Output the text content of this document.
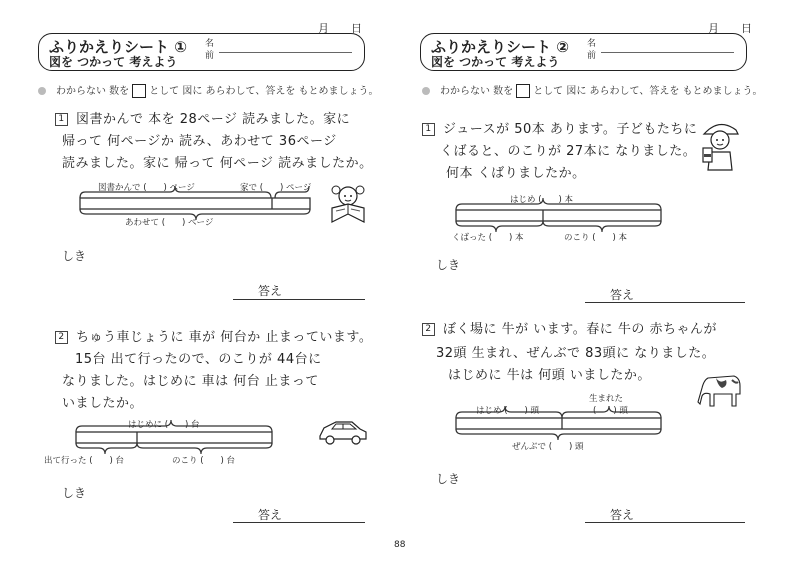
月　　日
ふりかえりシート ①
図を つかって 考えよう
名前
わからない 数を として 図に あらわして、答えを もとめましょう。
1 図書かんで 本を 28ページ 読みました。家に
帰って 何ページか 読み、あわせて 36ページ
読みました。家に 帰って 何ページ 読みましたか。
図書かんで (　　) ページ	家で (　　) ページ
あわせて (　　) ページ
しき
答え
2 ちゅう車じょうに 車が 何台か 止まっています。
15台 出て行ったので、のこりが 44台に
なりました。はじめに 車は 何台 止まって
いましたか。
はじめに (　　) 台
出て行った (　　) 台	のこり (　　) 台
しき
答え
月　　日
ふりかえりシート ②
図を つかって 考えよう
名前
わからない 数を として 図に あらわして、答えを もとめましょう。
1 ジュースが 50本 あります。子どもたちに
くばると、のこりが 27本に なりました。
何本 くばりましたか。
はじめ (　　) 本
くばった (　　) 本	のこり (　　) 本
しき
答え
2 ぼく場に 牛が います。春に 牛の 赤ちゃんが
32頭 生まれ、ぜんぶで 83頭に なりました。
はじめに 牛は 何頭 いましたか。
生まれた
はじめ (　　) 頭	(　　) 頭
ぜんぶで (　　) 頭
しき
答え
88
